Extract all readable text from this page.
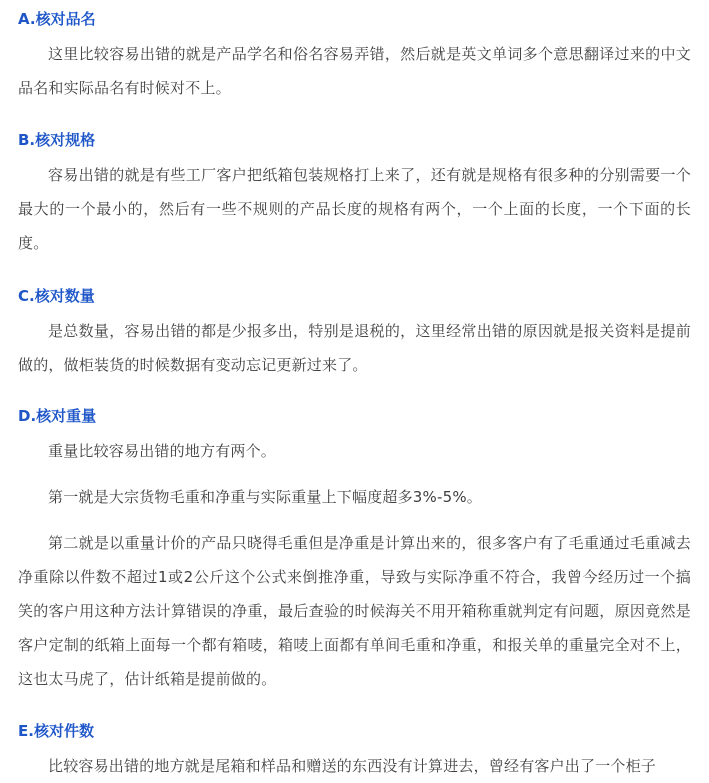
A.核对品名

这里比较容易出错的就是产品学名和俗名容易弄错，然后就是英文单词多个意思翻译过来的中文品名和实际品名有时候对不上。

B.核对规格

容易出错的就是有些工厂客户把纸箱包装规格打上来了，还有就是规格有很多种的分别需要一个最大的一个最小的，然后有一些不规则的产品长度的规格有两个，一个上面的长度，一个下面的长度。

C.核对数量

是总数量，容易出错的都是少报多出，特别是退税的，这里经常出错的原因就是报关资料是提前做的，做柜装货的时候数据有变动忘记更新过来了。

D.核对重量

重量比较容易出错的地方有两个。

第一就是大宗货物毛重和净重与实际重量上下幅度超多3%-5%。

第二就是以重量计价的产品只晓得毛重但是净重是计算出来的，很多客户有了毛重通过毛重减去净重除以件数不超过1或2公斤这个公式来倒推净重，导致与实际净重不符合，我曾今经历过一个搞笑的客户用这种方法计算错误的净重，最后查验的时候海关不用开箱称重就判定有问题，原因竟然是客户定制的纸箱上面每一个都有箱唛，箱唛上面都有单间毛重和净重，和报关单的重量完全对不上，这也太马虎了，估计纸箱是提前做的。

E.核对件数

比较容易出错的地方就是尾箱和样品和赠送的东西没有计算进去，曾经有客户出了一个柜子
